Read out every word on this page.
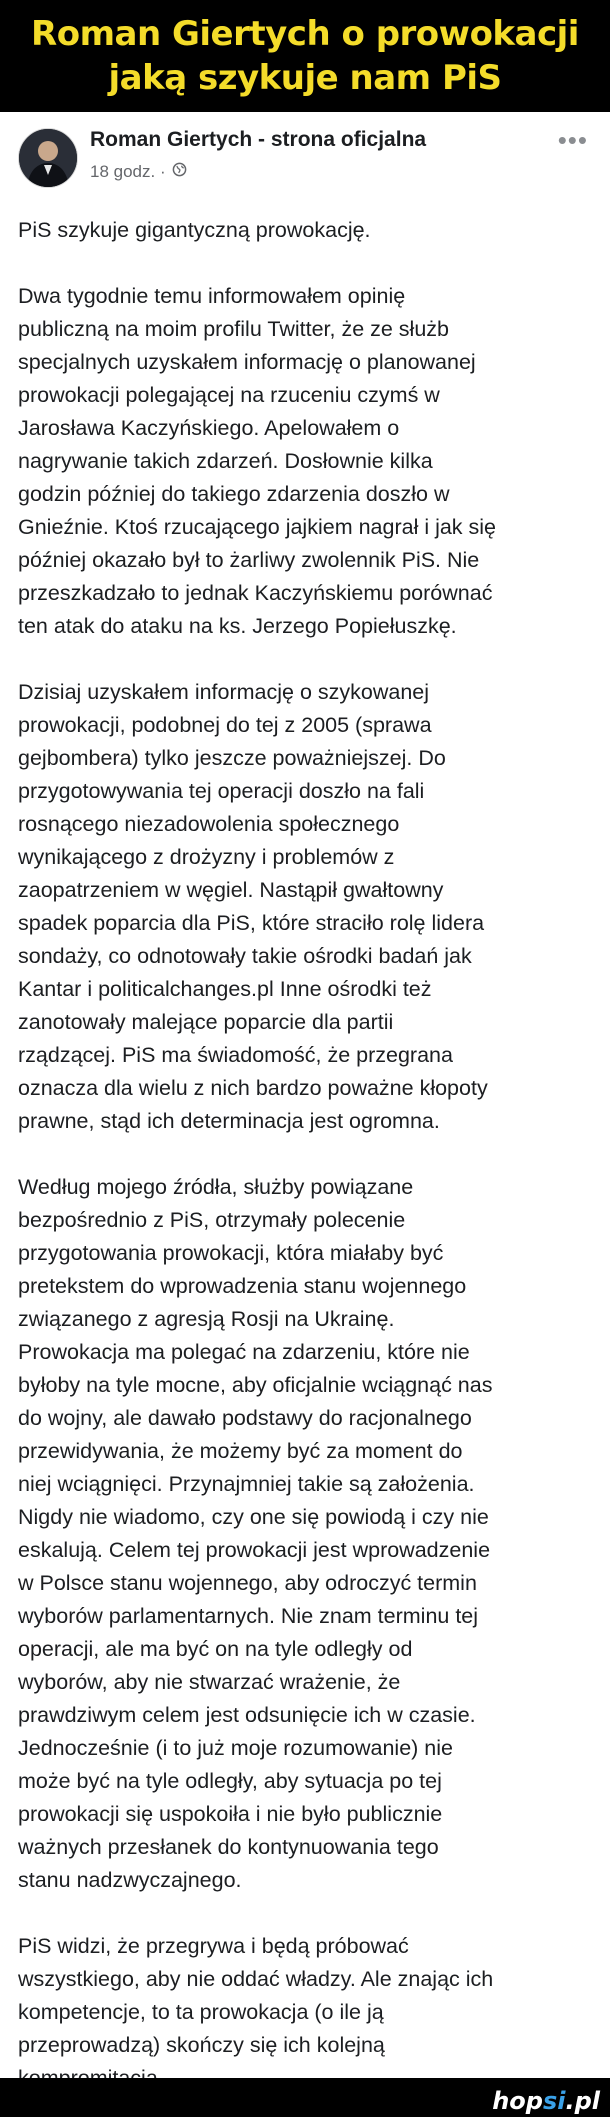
Roman Giertych o prowokacji
jaką szykuje nam PiS
Roman Giertych - strona oficjalna
18 godz. ·
•••

PiS szykuje gigantyczną prowokację.

Dwa tygodnie temu informowałem opinię
publiczną na moim profilu Twitter, że ze służb
specjalnych uzyskałem informację o planowanej
prowokacji polegającej na rzuceniu czymś w
Jarosława Kaczyńskiego. Apelowałem o
nagrywanie takich zdarzeń. Dosłownie kilka
godzin później do takiego zdarzenia doszło w
Gnieźnie. Ktoś rzucającego jajkiem nagrał i jak się
później okazało był to żarliwy zwolennik PiS. Nie
przeszkadzało to jednak Kaczyńskiemu porównać
ten atak do ataku na ks. Jerzego Popiełuszkę.

Dzisiaj uzyskałem informację o szykowanej
prowokacji, podobnej do tej z 2005 (sprawa
gejbombera) tylko jeszcze poważniejszej. Do
przygotowywania tej operacji doszło na fali
rosnącego niezadowolenia społecznego
wynikającego z drożyzny i problemów z
zaopatrzeniem w węgiel. Nastąpił gwałtowny
spadek poparcia dla PiS, które straciło rolę lidera
sondaży, co odnotowały takie ośrodki badań jak
Kantar i politicalchanges.pl Inne ośrodki też
zanotowały malejące poparcie dla partii
rządzącej. PiS ma świadomość, że przegrana
oznacza dla wielu z nich bardzo poważne kłopoty
prawne, stąd ich determinacja jest ogromna.

Według mojego źródła, służby powiązane
bezpośrednio z PiS, otrzymały polecenie
przygotowania prowokacji, która miałaby być
pretekstem do wprowadzenia stanu wojennego
związanego z agresją Rosji na Ukrainę.
Prowokacja ma polegać na zdarzeniu, które nie
byłoby na tyle mocne, aby oficjalnie wciągnąć nas
do wojny, ale dawało podstawy do racjonalnego
przewidywania, że możemy być za moment do
niej wciągnięci. Przynajmniej takie są założenia.
Nigdy nie wiadomo, czy one się powiodą i czy nie
eskalują. Celem tej prowokacji jest wprowadzenie
w Polsce stanu wojennego, aby odroczyć termin
wyborów parlamentarnych. Nie znam terminu tej
operacji, ale ma być on na tyle odległy od
wyborów, aby nie stwarzać wrażenie, że
prawdziwym celem jest odsunięcie ich w czasie.
Jednocześnie (i to już moje rozumowanie) nie
może być na tyle odległy, aby sytuacja po tej
prowokacji się uspokoiła i nie było publicznie
ważnych przesłanek do kontynuowania tego
stanu nadzwyczajnego.

PiS widzi, że przegrywa i będą próbować
wszystkiego, aby nie oddać władzy. Ale znając ich
kompetencje, to ta prowokacja (o ile ją
przeprowadzą) skończy się ich kolejną

hop si .pl
